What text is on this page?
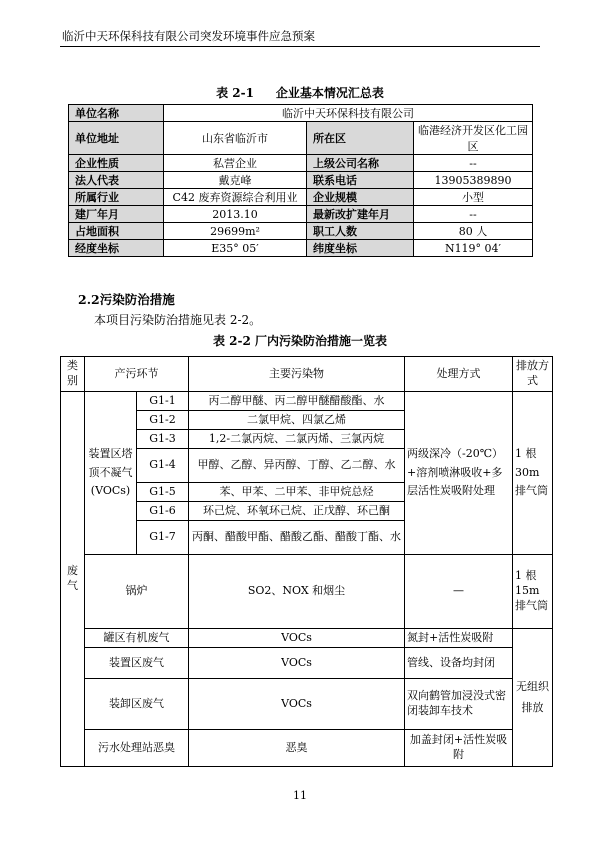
临沂中天环保科技有限公司突发环境事件应急预案
表 2-1 企业基本情况汇总表
单位名称	临沂中天环保科技有限公司		
单位地址	山东省临沂市	所在区	临港经济开发区化工园区
企业性质	私营企业	上级公司名称	--
法人代表	戴克峰	联系电话	13905389890
所属行业	C42 废弃资源综合利用业	企业规模	小型
建厂年月	2013.10	最新改扩建年月	--
占地面积	29699m²	职工人数	80 人
经度坐标	E35° 05′	纬度坐标	N119° 04′
2.2污染防治措施
本项目污染防治措施见表 2-2。
表 2-2 厂内污染防治措施一览表
类别	产污环节		主要污染物	处理方式	排放方式
废气	装置区塔顶不凝气(VOCs)	G1-1	丙二醇甲醚、丙二醇甲醚醋酸酯、水	两级深冷（-20℃）+溶剂喷淋吸收+多层活性炭吸附处理	1 根 30m 排气筒
		G1-2	二氯甲烷、四氯乙烯		
		G1-3	1,2-二氯丙烷、二氯丙烯、三氯丙烷		
		G1-4	甲醇、乙醇、异丙醇、丁醇、乙二醇、水		
		G1-5	苯、甲苯、二甲苯、非甲烷总烃		
		G1-6	环己烷、环氧环己烷、正戊醇、环己酮		
		G1-7	丙酮、醋酸甲酯、醋酸乙酯、醋酸丁酯、水		

	锅炉		SO2、NOX 和烟尘	—	1 根 15m 排气筒
	罐区有机废气		VOCs	氮封+活性炭吸附	无组织排放
	装置区废气		VOCs	管线、设备均封闭	
	装卸区废气		VOCs	双向鹤管加浸没式密闭装卸车技术	
	污水处理站恶臭		恶臭	加盖封闭+活性炭吸附	

11
